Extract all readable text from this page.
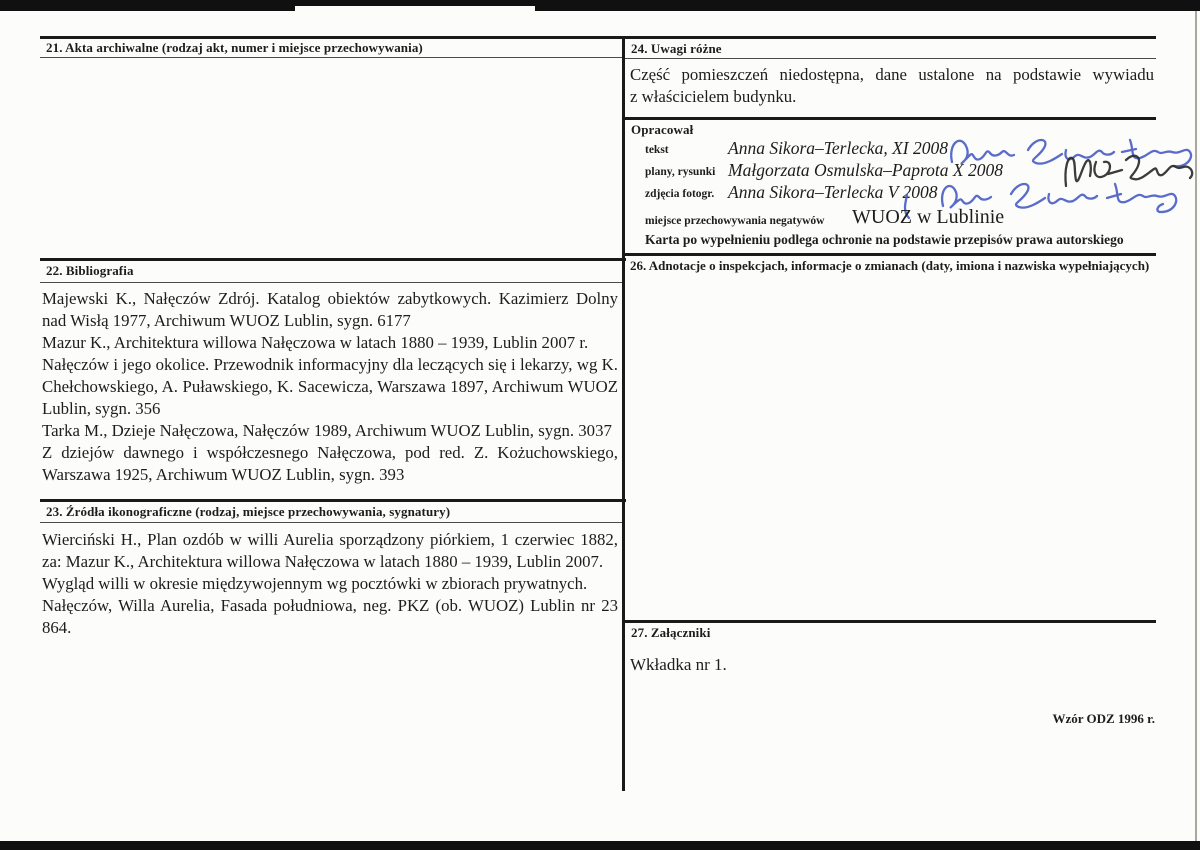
21. Akta archiwalne (rodzaj akt, numer i miejsce przechowywania)
22. Bibliografia

Majewski K., Nałęczów Zdrój. Katalog obiektów zabytkowych. Kazimierz Dolny nad Wisłą 1977, Archiwum WUOZ Lublin, sygn. 6177

Mazur K., Architektura willowa Nałęczowa w latach 1880 – 1939, Lublin 2007 r.

Nałęczów i jego okolice. Przewodnik informacyjny dla leczących się i lekarzy, wg K. Chełchowskiego, A. Puławskiego, K. Sacewicza, Warszawa 1897, Archiwum WUOZ Lublin, sygn. 356

Tarka M., Dzieje Nałęczowa, Nałęczów 1989, Archiwum WUOZ Lublin, sygn. 3037

Z dziejów dawnego i współczesnego Nałęczowa, pod red. Z. Kożuchowskiego, Warszawa 1925, Archiwum WUOZ Lublin, sygn. 393

23. Źródła ikonograficzne (rodzaj, miejsce przechowywania, sygnatury)

Wierciński H., Plan ozdób w willi Aurelia sporządzony piórkiem, 1 czerwiec 1882, za: Mazur K., Architektura willowa Nałęczowa w latach 1880 – 1939, Lublin 2007.

Wygląd willi w okresie międzywojennym wg pocztówki w zbiorach prywatnych.

Nałęczów, Willa Aurelia, Fasada południowa, neg. PKZ (ob. WUOZ) Lublin nr 23 864.

24. Uwagi różne
Część pomieszczeń niedostępna, dane ustalone na podstawie wywiadu
z właścicielem budynku.
Opracował
tekst	Anna Sikora–Terlecka, XI 2008
plany, rysunki Małgorzata Osmulska–Paprota X 2008
zdjęcia fotogr. Anna Sikora–Terlecka V 2008
miejsce przechowywania negatywów WUOZ w Lublinie
Karta po wypełnieniu podlega ochronie na podstawie przepisów prawa autorskiego
26. Adnotacje o inspekcjach, informacje o zmianach (daty, imiona i nazwiska wypełniających)
27. Załączniki
Wkładka nr 1.
Wzór ODZ 1996 r.
